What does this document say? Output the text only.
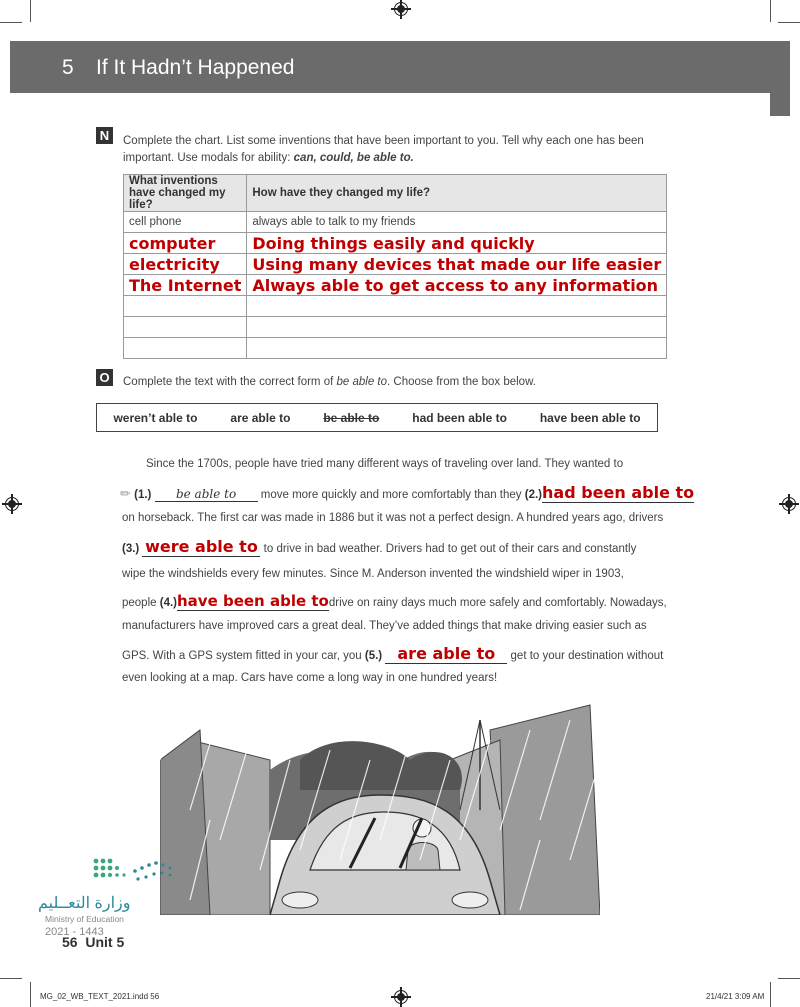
5 If It Hadn’t Happened
N	Complete the chart. List some inventions that have been important to you. Tell why each one has been
important. Use modals for ability: can, could, be able to.
What inventions have changed my life?	How have they changed my life?
cell phone	always able to talk to my friends
computer	Doing things easily and quickly
electricity	Using many devices that made our life easier
The Internet	Always able to get access to any information

O Complete the text with the correct form of be able to. Choose from the box below.
weren’t able to	are able to	be able to	had been able to	have been able to
Since the 1700s, people have tried many different ways of traveling over land. They wanted to
✏ (1.) be able to move more quickly and more comfortably than they (2.)had been able to
on horseback. The first car was made in 1886 but it was not a perfect design. A hundred years ago, drivers
(3.) were able to to drive in bad weather. Drivers had to get out of their cars and constantly
wipe the windshields every few minutes. Since M. Anderson invented the windshield wiper in 1903,
people (4.)have been able todrive on rainy days much more safely and comfortably. Nowadays,
manufacturers have improved cars a great deal. They’ve added things that make driving easier such as
GPS. With a GPS system fitted in your car, you (5.) are able to get to your destination without
even looking at a map. Cars have come a long way in one hundred years!
وزارة التعــليم
Ministry of Education
2021 - 1443
56 Unit 5
MG_02_WB_TEXT_2021.indd 56	21/4/21 3:09 AM
